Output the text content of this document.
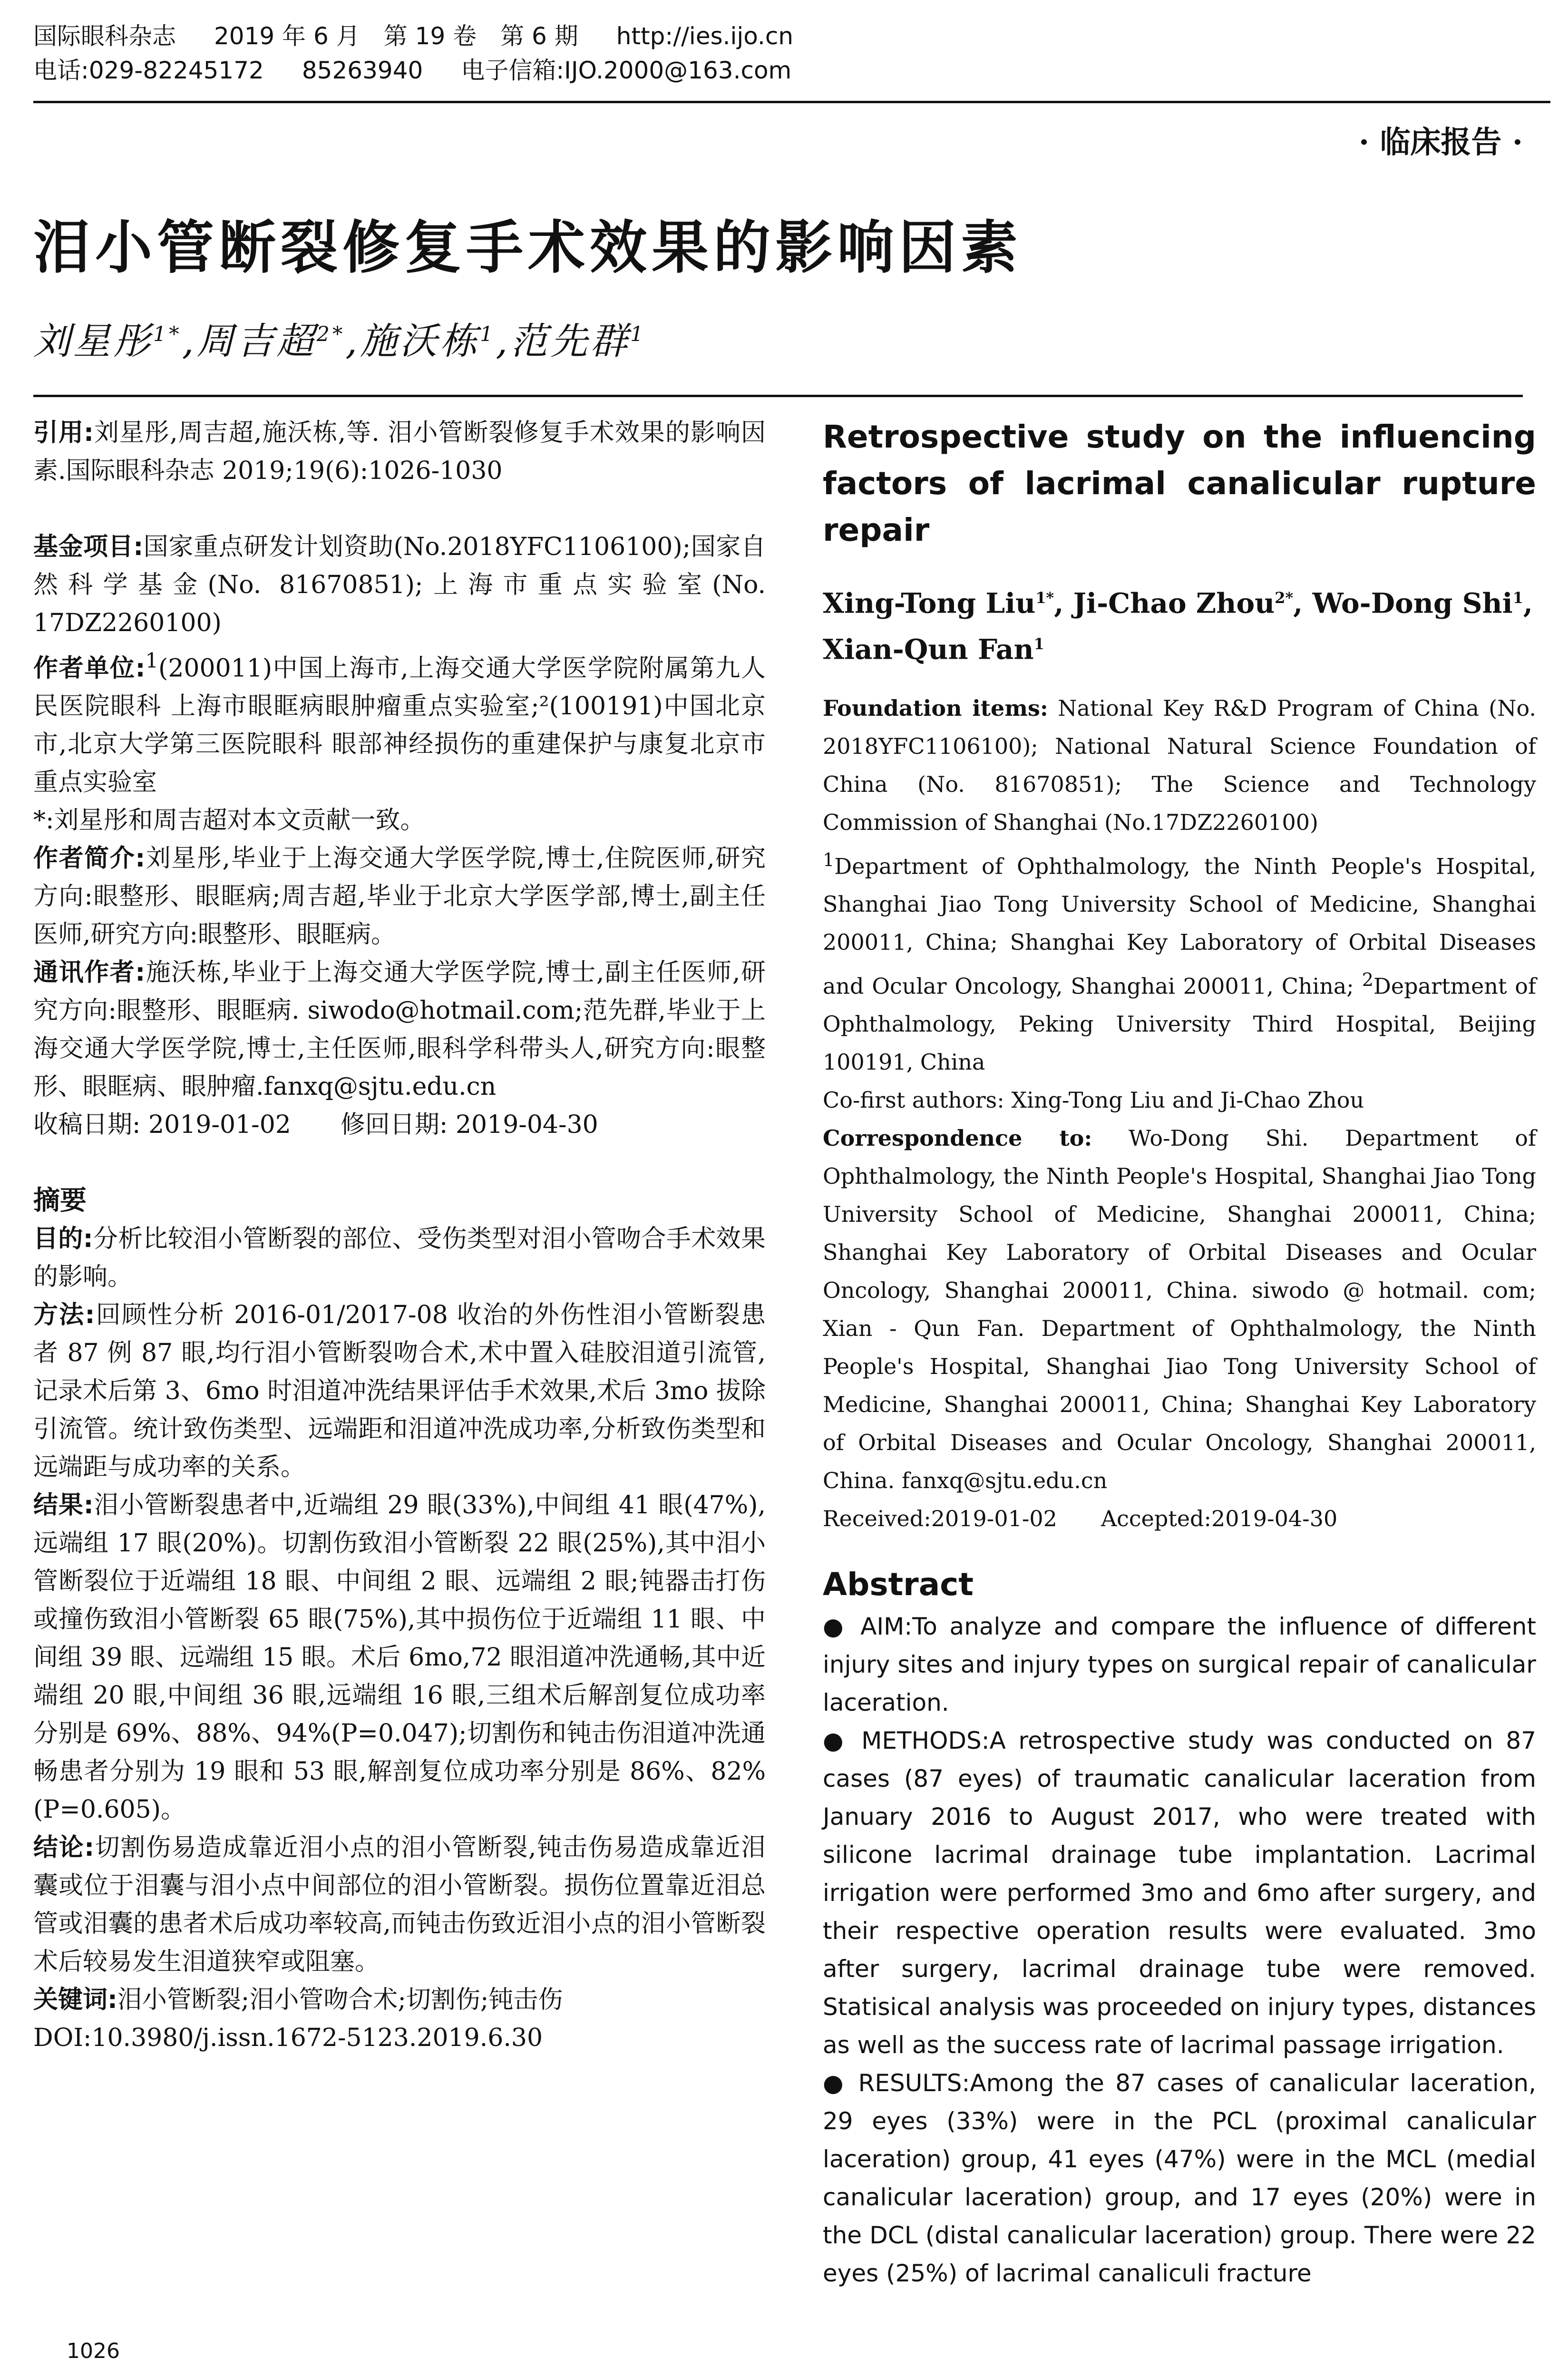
国际眼科杂志 2019 年 6 月　第 19 卷　第 6 期 http://ies.ijo.cn
电话:029-82245172 85263940 电子信箱:IJO.2000@163.com
· 临床报告 ·
泪小管断裂修复手术效果的影响因素
刘星彤$^{1*}$,周吉超$^{2*}$,施沃栋$^1$,范先群$^1$

引用:刘星彤,周吉超,施沃栋,等. 泪小管断裂修复手术效果的影响因素.国际眼科杂志 2019;19(6):1026-1030

基金项目:国家重点研发计划资助(No.2018YFC1106100);国家自然科学基金(No. 81670851);上海市重点实验室(No. 17DZ2260100)

作者单位:$^1$(200011)中国上海市,上海交通大学医学院附属第九人民医院眼科 上海市眼眶病眼肿瘤重点实验室;²(100191)中国北京市,北京大学第三医院眼科 眼部神经损伤的重建保护与康复北京市重点实验室

*:刘星彤和周吉超对本文贡献一致。

作者简介:刘星彤,毕业于上海交通大学医学院,博士,住院医师,研究方向:眼整形、眼眶病;周吉超,毕业于北京大学医学部,博士,副主任医师,研究方向:眼整形、眼眶病。

通讯作者:施沃栋,毕业于上海交通大学医学院,博士,副主任医师,研究方向:眼整形、眼眶病. siwodo@hotmail.com;范先群,毕业于上海交通大学医学院,博士,主任医师,眼科学科带头人,研究方向:眼整形、眼眶病、眼肿瘤.fanxq@sjtu.edu.cn

收稿日期: 2019-01-02　　 修回日期: 2019-04-30

摘要

目的:分析比较泪小管断裂的部位、受伤类型对泪小管吻合手术效果的影响。

方法:回顾性分析 2016-01/2017-08 收治的外伤性泪小管断裂患者 87 例 87 眼,均行泪小管断裂吻合术,术中置入硅胶泪道引流管,记录术后第 3、6mo 时泪道冲洗结果评估手术效果,术后 3mo 拔除引流管。统计致伤类型、远端距和泪道冲洗成功率,分析致伤类型和远端距与成功率的关系。

结果:泪小管断裂患者中,近端组 29 眼(33%),中间组 41 眼(47%),远端组 17 眼(20%)。切割伤致泪小管断裂 22 眼(25%),其中泪小管断裂位于近端组 18 眼、中间组 2 眼、远端组 2 眼;钝器击打伤或撞伤致泪小管断裂 65 眼(75%),其中损伤位于近端组 11 眼、中间组 39 眼、远端组 15 眼。术后 6mo,72 眼泪道冲洗通畅,其中近端组 20 眼,中间组 36 眼,远端组 16 眼,三组术后解剖复位成功率分别是 69%、88%、94%(P=0.047);切割伤和钝击伤泪道冲洗通畅患者分别为 19 眼和 53 眼,解剖复位成功率分别是 86%、82%(P=0.605)。

结论:切割伤易造成靠近泪小点的泪小管断裂,钝击伤易造成靠近泪囊或位于泪囊与泪小点中间部位的泪小管断裂。损伤位置靠近泪总管或泪囊的患者术后成功率较高,而钝击伤致近泪小点的泪小管断裂术后较易发生泪道狭窄或阻塞。

关键词:泪小管断裂;泪小管吻合术;切割伤;钝击伤

DOI:10.3980/j.issn.1672-5123.2019.6.30

Retrospective study on the influencing factors of lacrimal canalicular rupture repair

Xing-Tong Liu$^{1*}$, Ji-Chao Zhou$^{2*}$, Wo-Dong Shi$^1$, Xian-Qun Fan$^1$

Foundation items: National Key R&D Program of China (No. 2018YFC1106100); National Natural Science Foundation of China (No. 81670851); The Science and Technology Commission of Shanghai (No.17DZ2260100)

$^1$Department of Ophthalmology, the Ninth People's Hospital, Shanghai Jiao Tong University School of Medicine, Shanghai 200011, China; Shanghai Key Laboratory of Orbital Diseases and Ocular Oncology, Shanghai 200011, China; $^2$Department of Ophthalmology, Peking University Third Hospital, Beijing 100191, China

Co-first authors: Xing-Tong Liu and Ji-Chao Zhou

Correspondence to: Wo-Dong Shi. Department of Ophthalmology, the Ninth People's Hospital, Shanghai Jiao Tong University School of Medicine, Shanghai 200011, China; Shanghai Key Laboratory of Orbital Diseases and Ocular Oncology, Shanghai 200011, China. siwodo @ hotmail. com; Xian - Qun Fan. Department of Ophthalmology, the Ninth People's Hospital, Shanghai Jiao Tong University School of Medicine, Shanghai 200011, China; Shanghai Key Laboratory of Orbital Diseases and Ocular Oncology, Shanghai 200011, China. fanxq@sjtu.edu.cn

Received:2019-01-02　　 Accepted:2019-04-30

Abstract

● AIM:To analyze and compare the influence of different injury sites and injury types on surgical repair of canalicular laceration.

● METHODS:A retrospective study was conducted on 87 cases (87 eyes) of traumatic canalicular laceration from January 2016 to August 2017, who were treated with silicone lacrimal drainage tube implantation. Lacrimal irrigation were performed 3mo and 6mo after surgery, and their respective operation results were evaluated. 3mo after surgery, lacrimal drainage tube were removed. Statisical analysis was proceeded on injury types, distances as well as the success rate of lacrimal passage irrigation.

● RESULTS:Among the 87 cases of canalicular laceration, 29 eyes (33%) were in the PCL (proximal canalicular laceration) group, 41 eyes (47%) were in the MCL (medial canalicular laceration) group, and 17 eyes (20%) were in the DCL (distal canalicular laceration) group. There were 22 eyes (25%) of lacrimal canaliculi fracture

1026
